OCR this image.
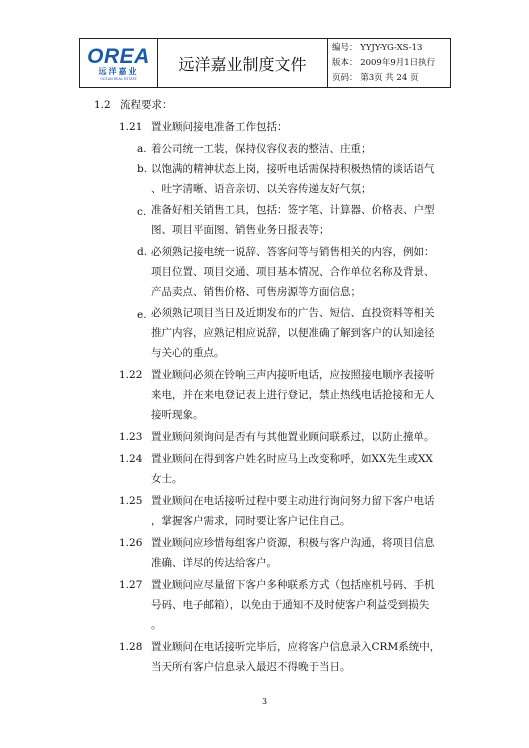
OREA
远洋嘉业
OCEAN REAL ESTATE
远洋嘉业制度文件
编号： YYJY-YG-XS-13
版本： 2009年9月1日执行
页码： 第3页 共 24 页
1.2 流程要求：
1.21 置业顾问接电准备工作包括：
a. 着公司统一工装，保持仪容仪表的整洁、庄重；
b. 以饱满的精神状态上岗，接听电话需保持积极热情的谈话语气
、吐字清晰、语音亲切、以关容传递友好气氛；
c. 准备好相关销售工具，包括：签字笔、计算器、价格表、户型
图、项目平面图、销售业务日报表等；
d. 必须熟记接电统一说辞、答客问等与销售相关的内容，例如：
项目位置、项目交通、项目基本情况、合作单位名称及背景、
产品卖点、销售价格、可售房源等方面信息；
e. 必须熟记项目当日及近期发布的广告、短信、直投资料等相关
推广内容，应熟记相应说辞，以便准确了解到客户的认知途径
与关心的重点。
1.22 置业顾问必须在铃响三声内接听电话，应按照接电顺序表接听
来电，并在来电登记表上进行登记，禁止热线电话抢接和无人
接听现象。
1.23 置业顾问须询问是否有与其他置业顾问联系过，以防止撞单。
1.24 置业顾问在得到客户姓名时应马上改变称呼，如XX先生或XX
女士。
1.25 置业顾问在电话接听过程中要主动进行询问努力留下客户电话
，掌握客户需求，同时要让客户记住自己。
1.26 置业顾问应珍惜每组客户资源，积极与客户沟通，将项目信息
准确、详尽的传达给客户。
1.27 置业顾问应尽量留下客户多种联系方式（包括座机号码、手机
号码、电子邮箱），以免由于通知不及时使客户利益受到损失
。
1.28 置业顾问在电话接听完毕后，应将客户信息录入CRM系统中，
当天所有客户信息录入最迟不得晚于当日。
3
